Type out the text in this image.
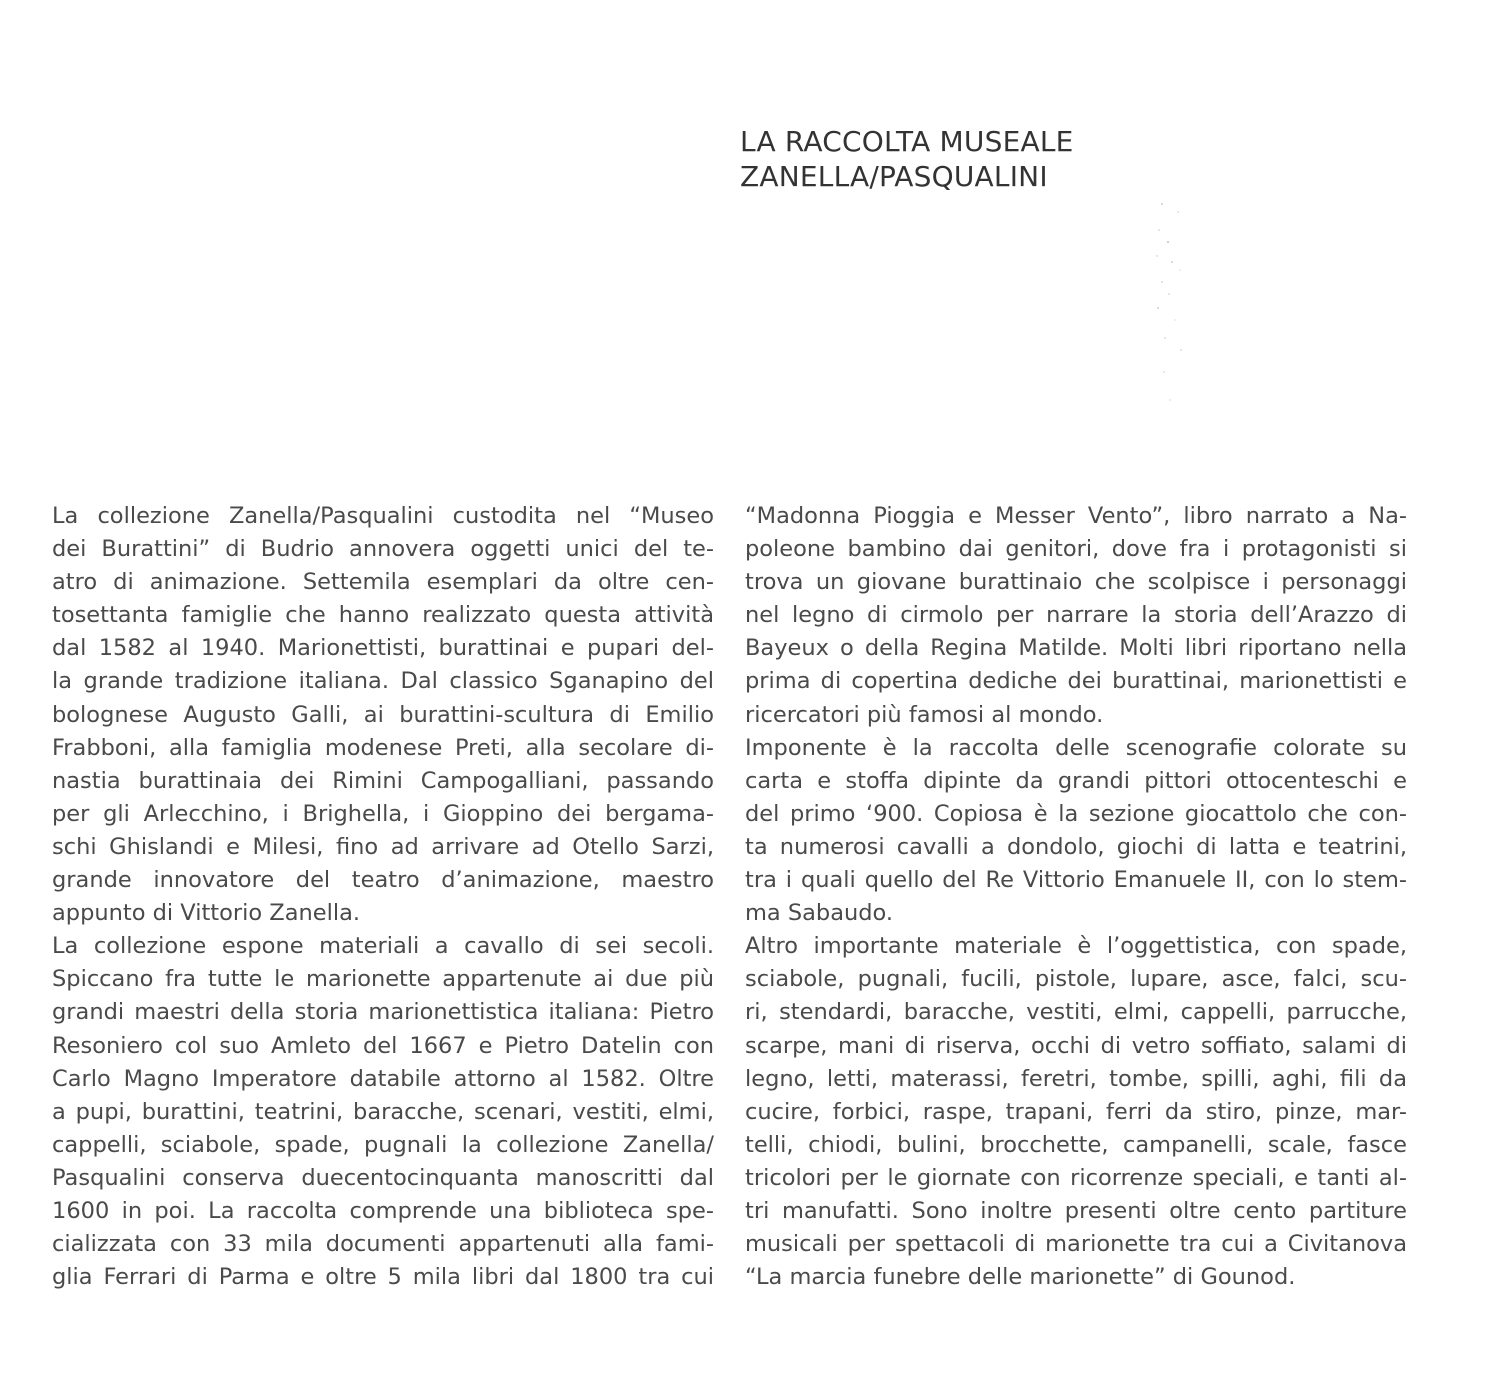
LA RACCOLTA MUSEALE
ZANELLA/PASQUALINI
La collezione Zanella/Pasqualini custodita nel “Museo
dei Burattini” di Budrio annovera oggetti unici del te-
atro di animazione. Settemila esemplari da oltre cen-
tosettanta famiglie che hanno realizzato questa attività
dal 1582 al 1940. Marionettisti, burattinai e pupari del-
la grande tradizione italiana. Dal classico Sganapino del
bolognese Augusto Galli, ai burattini-scultura di Emilio
Frabboni, alla famiglia modenese Preti, alla secolare di-
nastia burattinaia dei Rimini Campogalliani, passando
per gli Arlecchino, i Brighella, i Gioppino dei bergama-
schi Ghislandi e Milesi, fino ad arrivare ad Otello Sarzi,
grande innovatore del teatro d’animazione, maestro
appunto di Vittorio Zanella.
La collezione espone materiali a cavallo di sei secoli.
Spiccano fra tutte le marionette appartenute ai due più
grandi maestri della storia marionettistica italiana: Pietro
Resoniero col suo Amleto del 1667 e Pietro Datelin con
Carlo Magno Imperatore databile attorno al 1582. Oltre
a pupi, burattini, teatrini, baracche, scenari, vestiti, elmi,
cappelli, sciabole, spade, pugnali la collezione Zanella/
Pasqualini conserva duecentocinquanta manoscritti dal
1600 in poi. La raccolta comprende una biblioteca spe-
cializzata con 33 mila documenti appartenuti alla fami-
glia Ferrari di Parma e oltre 5 mila libri dal 1800 tra cui
“Madonna Pioggia e Messer Vento”, libro narrato a Na-
poleone bambino dai genitori, dove fra i protagonisti si
trova un giovane burattinaio che scolpisce i personaggi
nel legno di cirmolo per narrare la storia dell’Arazzo di
Bayeux o della Regina Matilde. Molti libri riportano nella
prima di copertina dediche dei burattinai, marionettisti e
ricercatori più famosi al mondo.
Imponente è la raccolta delle scenografie colorate su
carta e stoffa dipinte da grandi pittori ottocenteschi e
del primo ‘900. Copiosa è la sezione giocattolo che con-
ta numerosi cavalli a dondolo, giochi di latta e teatrini,
tra i quali quello del Re Vittorio Emanuele II, con lo stem-
ma Sabaudo.
Altro importante materiale è l’oggettistica, con spade,
sciabole, pugnali, fucili, pistole, lupare, asce, falci, scu-
ri, stendardi, baracche, vestiti, elmi, cappelli, parrucche,
scarpe, mani di riserva, occhi di vetro soffiato, salami di
legno, letti, materassi, feretri, tombe, spilli, aghi, fili da
cucire, forbici, raspe, trapani, ferri da stiro, pinze, mar-
telli, chiodi, bulini, brocchette, campanelli, scale, fasce
tricolori per le giornate con ricorrenze speciali, e tanti al-
tri manufatti. Sono inoltre presenti oltre cento partiture
musicali per spettacoli di marionette tra cui a Civitanova
“La marcia funebre delle marionette” di Gounod.
